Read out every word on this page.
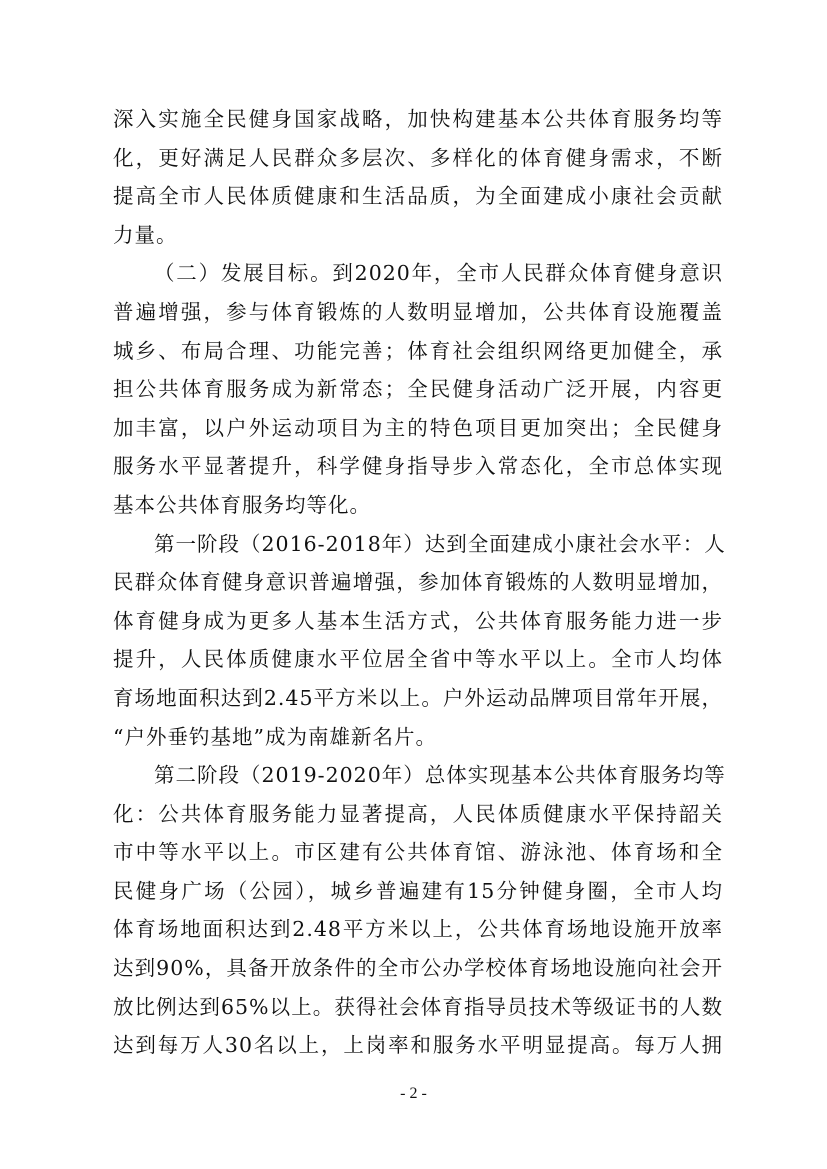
深入实施全民健身国家战略，加快构建基本公共体育服务均等
化，更好满足人民群众多层次、多样化的体育健身需求，不断
提高全市人民体质健康和生活品质，为全面建成小康社会贡献
力量。
（二）发展目标。到2020年，全市人民群众体育健身意识
普遍增强，参与体育锻炼的人数明显增加，公共体育设施覆盖
城乡、布局合理、功能完善；体育社会组织网络更加健全，承
担公共体育服务成为新常态；全民健身活动广泛开展，内容更
加丰富，以户外运动项目为主的特色项目更加突出；全民健身
服务水平显著提升，科学健身指导步入常态化，全市总体实现
基本公共体育服务均等化。
第一阶段（2016-2018年）达到全面建成小康社会水平：人
民群众体育健身意识普遍增强，参加体育锻炼的人数明显增加，
体育健身成为更多人基本生活方式，公共体育服务能力进一步
提升，人民体质健康水平位居全省中等水平以上。全市人均体
育场地面积达到2.45平方米以上。户外运动品牌项目常年开展，
“户外垂钓基地”成为南雄新名片。
第二阶段（2019-2020年）总体实现基本公共体育服务均等
化：公共体育服务能力显著提高，人民体质健康水平保持韶关
市中等水平以上。市区建有公共体育馆、游泳池、体育场和全
民健身广场（公园），城乡普遍建有15分钟健身圈，全市人均
体育场地面积达到2.48平方米以上，公共体育场地设施开放率
达到90%，具备开放条件的全市公办学校体育场地设施向社会开
放比例达到65%以上。获得社会体育指导员技术等级证书的人数
达到每万人30名以上，上岗率和服务水平明显提高。每万人拥
- 2 -
